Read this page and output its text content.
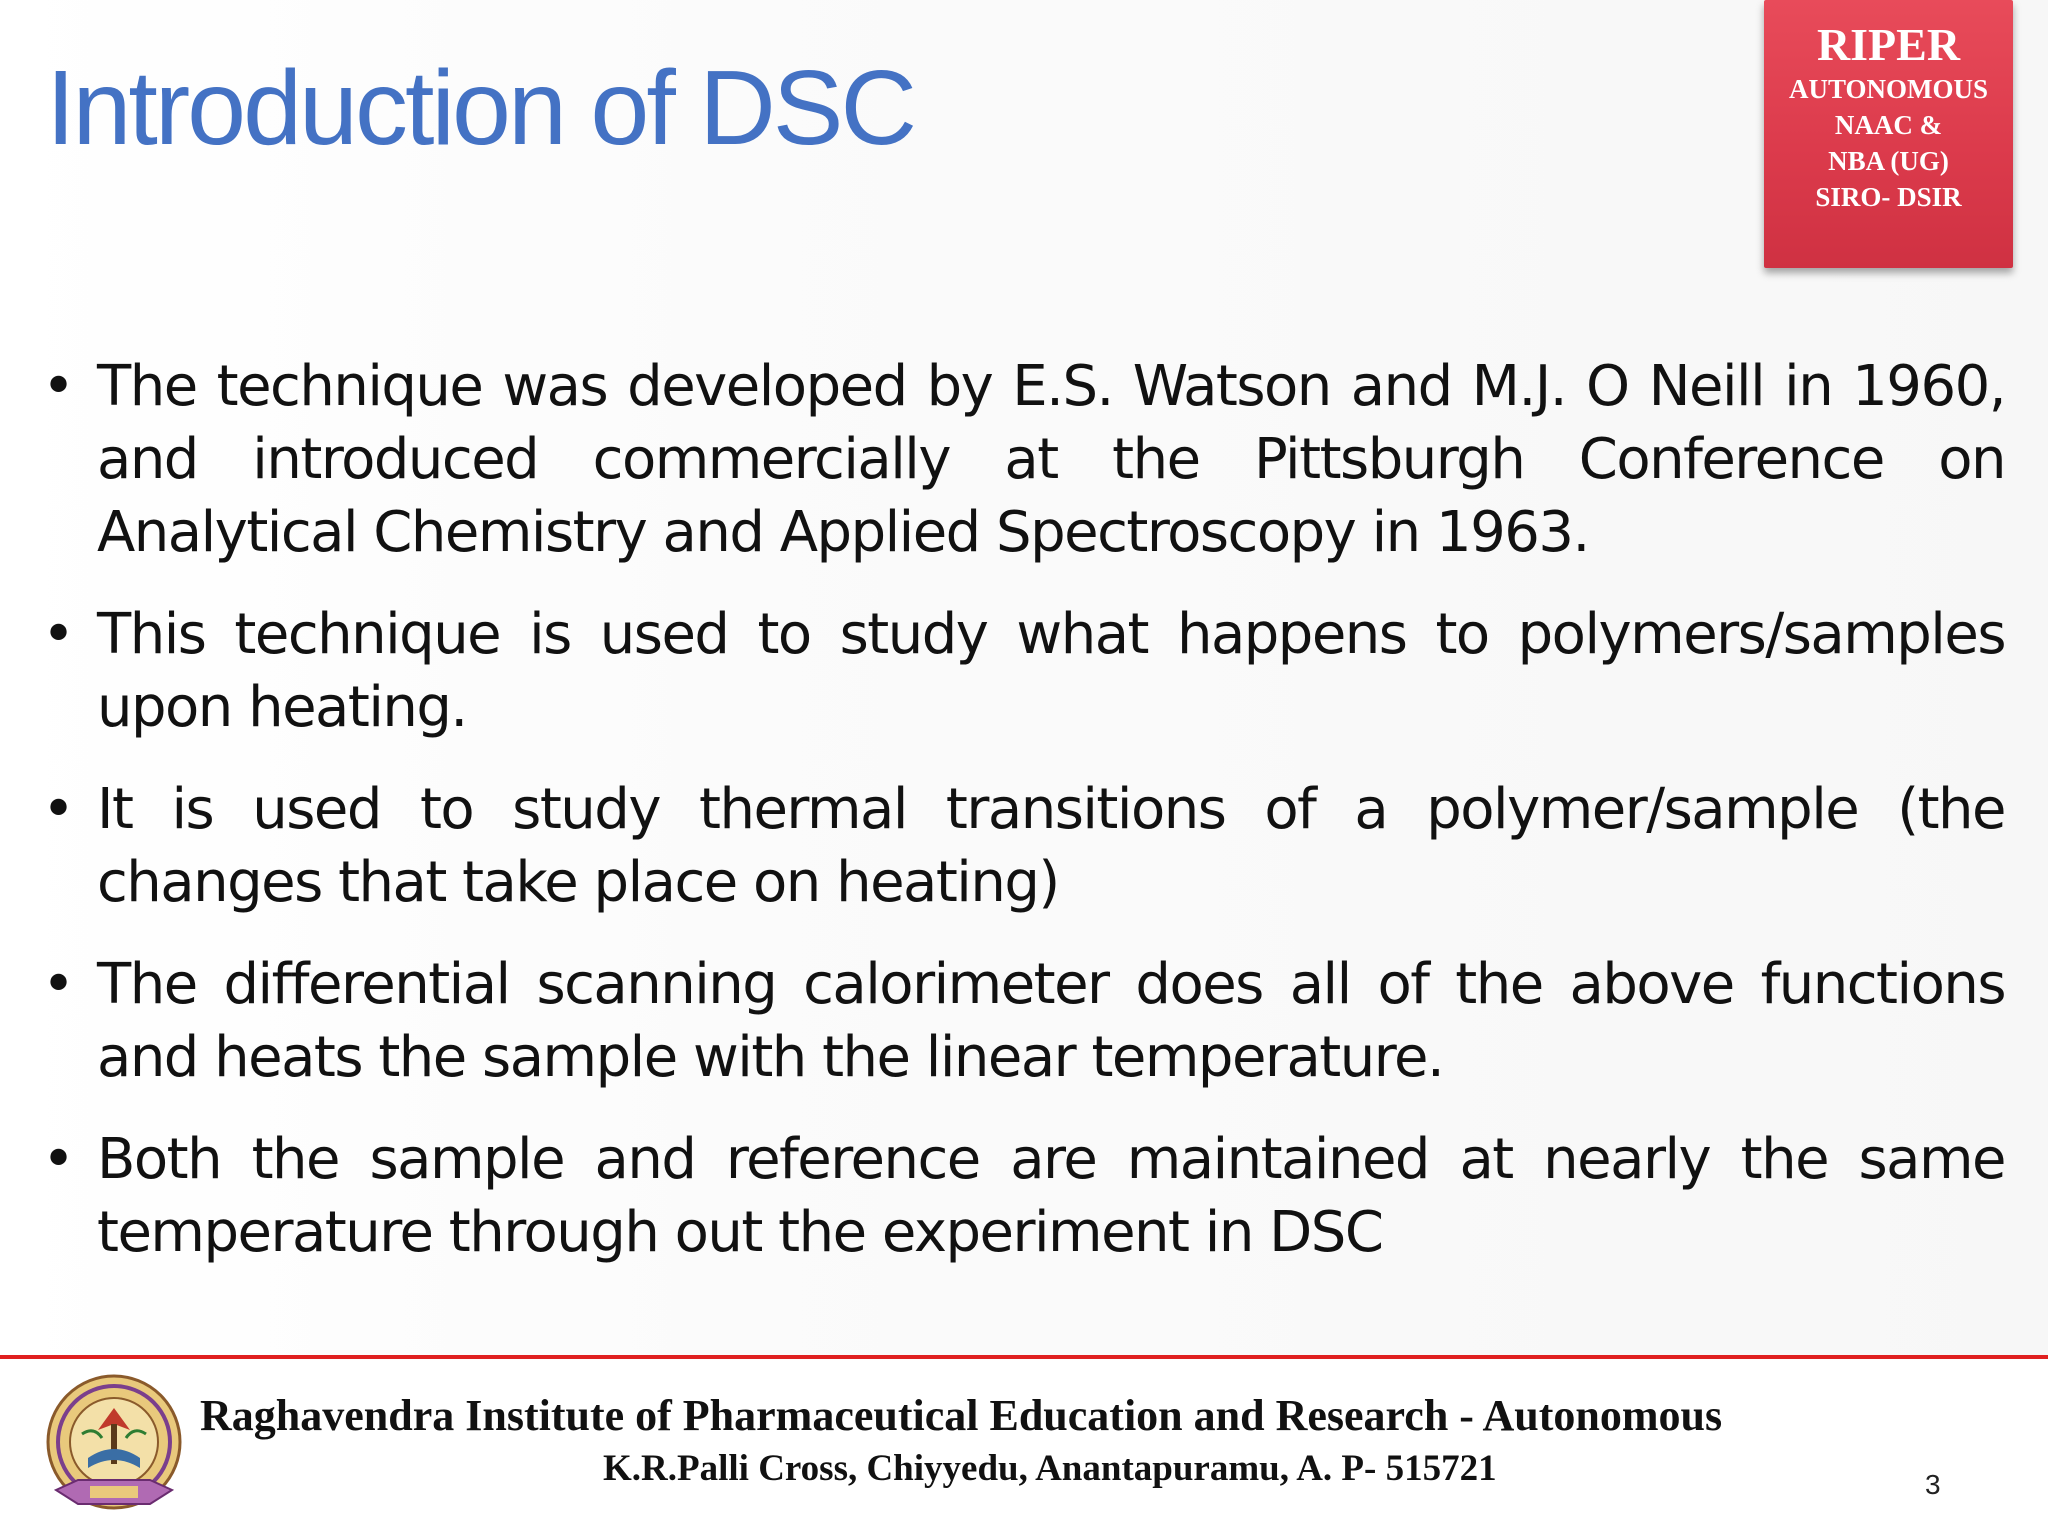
Introduction of DSC
RIPER
AUTONOMOUS
NAAC &
NBA (UG)
SIRO- DSIR
• The technique was developed by E.S. Watson and M.J. O Neill in 1960, and introduced commercially at the Pittsburgh Conference on Analytical Chemistry and Applied Spectroscopy in 1963.
• This technique is used to study what happens to polymers/samples upon heating.
• It is used to study thermal transitions of a polymer/sample (the changes that take place on heating)
• The differential scanning calorimeter does all of the above functions and heats the sample with the linear temperature.
• Both the sample and reference are maintained at nearly the same temperature through out the experiment in DSC

Raghavendra Institute of Pharmaceutical Education and Research - Autonomous

K.R.Palli Cross, Chiyyedu, Anantapuramu, A. P- 515721	3
